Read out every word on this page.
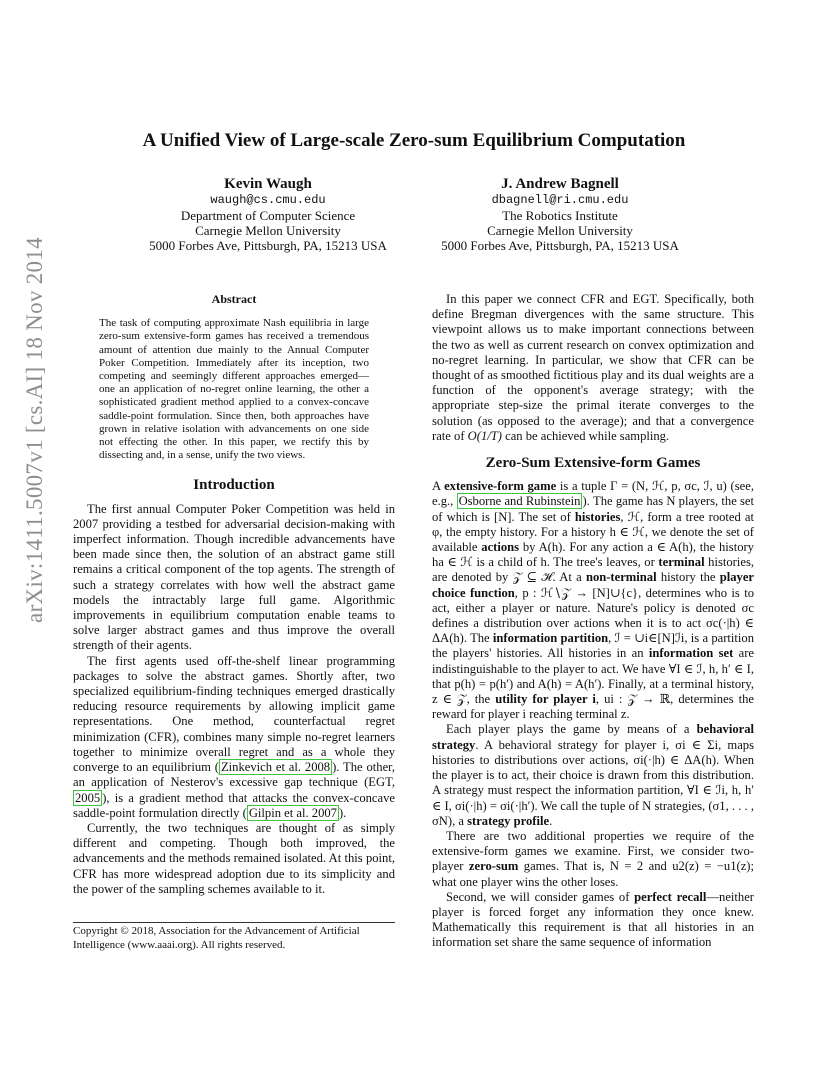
arXiv:1411.5007v1 [cs.AI] 18 Nov 2014
A Unified View of Large-scale Zero-sum Equilibrium Computation
Kevin Waugh
waugh@cs.cmu.edu
Department of Computer Science
Carnegie Mellon University
5000 Forbes Ave, Pittsburgh, PA, 15213 USA
J. Andrew Bagnell
dbagnell@ri.cmu.edu
The Robotics Institute
Carnegie Mellon University
5000 Forbes Ave, Pittsburgh, PA, 15213 USA
Abstract

The task of computing approximate Nash equilibria in large zero-sum extensive-form games has received a tremendous amount of attention due mainly to the Annual Computer Poker Competition. Immediately after its inception, two competing and seemingly different approaches emerged—one an application of no-regret online learning, the other a sophisticated gradient method applied to a convex-concave saddle-point formulation. Since then, both approaches have grown in relative isolation with advancements on one side not effecting the other. In this paper, we rectify this by dissecting and, in a sense, unify the two views.

Introduction

The first annual Computer Poker Competition was held in 2007 providing a testbed for adversarial decision-making with imperfect information. Though incredible advancements have been made since then, the solution of an abstract game still remains a critical component of the top agents. The strength of such a strategy correlates with how well the abstract game models the intractably large full game. Algorithmic improvements in equilibrium computation enable teams to solve larger abstract games and thus improve the overall strength of their agents.

The first agents used off-the-shelf linear programming packages to solve the abstract games. Shortly after, two specialized equilibrium-finding techniques emerged drastically reducing resource requirements by allowing implicit game representations. One method, counterfactual regret minimization (CFR), combines many simple no-regret learners together to minimize overall regret and as a whole they converge to an equilibrium ( Zinkevich et al. 2008 ). The other, an application of Nesterov's excessive gap technique (EGT, 2005 ), is a gradient method that attacks the convex-concave saddle-point formulation directly ( Gilpin et al. 2007 ).

Currently, the two techniques are thought of as simply different and competing. Though both improved, the advancements and the methods remained isolated. At this point, CFR has more widespread adoption due to its simplicity and the power of the sampling schemes available to it.

Copyright © 2018, Association for the Advancement of Artificial Intelligence (www.aaai.org). All rights reserved.

In this paper we connect CFR and EGT. Specifically, both define Bregman divergences with the same structure. This viewpoint allows us to make important connections between the two as well as current research on convex optimization and no-regret learning. In particular, we show that CFR can be thought of as smoothed fictitious play and its dual weights are a function of the opponent's average strategy; with the appropriate step-size the primal iterate converges to the solution (as opposed to the average); and that a convergence rate of O(1/T) can be achieved while sampling.

Zero-Sum Extensive-form Games

A extensive-form game is a tuple Γ = (N, ℋ, p, σc, ℐ, u) (see, e.g., Osborne and Rubinstein ). The game has N players, the set of which is [N]. The set of histories, ℋ, form a tree rooted at φ, the empty history. For a history h ∈ ℋ, we denote the set of available actions by A(h). For any action a ∈ A(h), the history ha ∈ ℋ is a child of h. The tree's leaves, or terminal histories, are denoted by 𝒵 ⊆ ℋ. At a non-terminal history the player choice function, p : ℋ∖𝒵 → [N]∪{c}, determines who is to act, either a player or nature. Nature's policy is denoted σc defines a distribution over actions when it is to act σc(·|h) ∈ ΔA(h). The information partition, ℐ = ∪i∈[N]ℐi, is a partition the players' histories. All histories in an information set are indistinguishable to the player to act. We have ∀I ∈ ℐ, h, h′ ∈ I, that p(h) = p(h′) and A(h) = A(h′). Finally, at a terminal history, z ∈ 𝒵, the utility for player i, ui : 𝒵 → ℝ, determines the reward for player i reaching terminal z.

Each player plays the game by means of a behavioral strategy. A behavioral strategy for player i, σi ∈ Σi, maps histories to distributions over actions, σi(·|h) ∈ ΔA(h). When the player is to act, their choice is drawn from this distribution. A strategy must respect the information partition, ∀I ∈ ℐi, h, h′ ∈ I, σi(·|h) = σi(·|h′). We call the tuple of N strategies, (σ1, . . . , σN), a strategy profile.

There are two additional properties we require of the extensive-form games we examine. First, we consider two-player zero-sum games. That is, N = 2 and u2(z) = −u1(z); what one player wins the other loses.

Second, we will consider games of perfect recall—neither player is forced forget any information they once knew. Mathematically this requirement is that all histories in an information set share the same sequence of information
